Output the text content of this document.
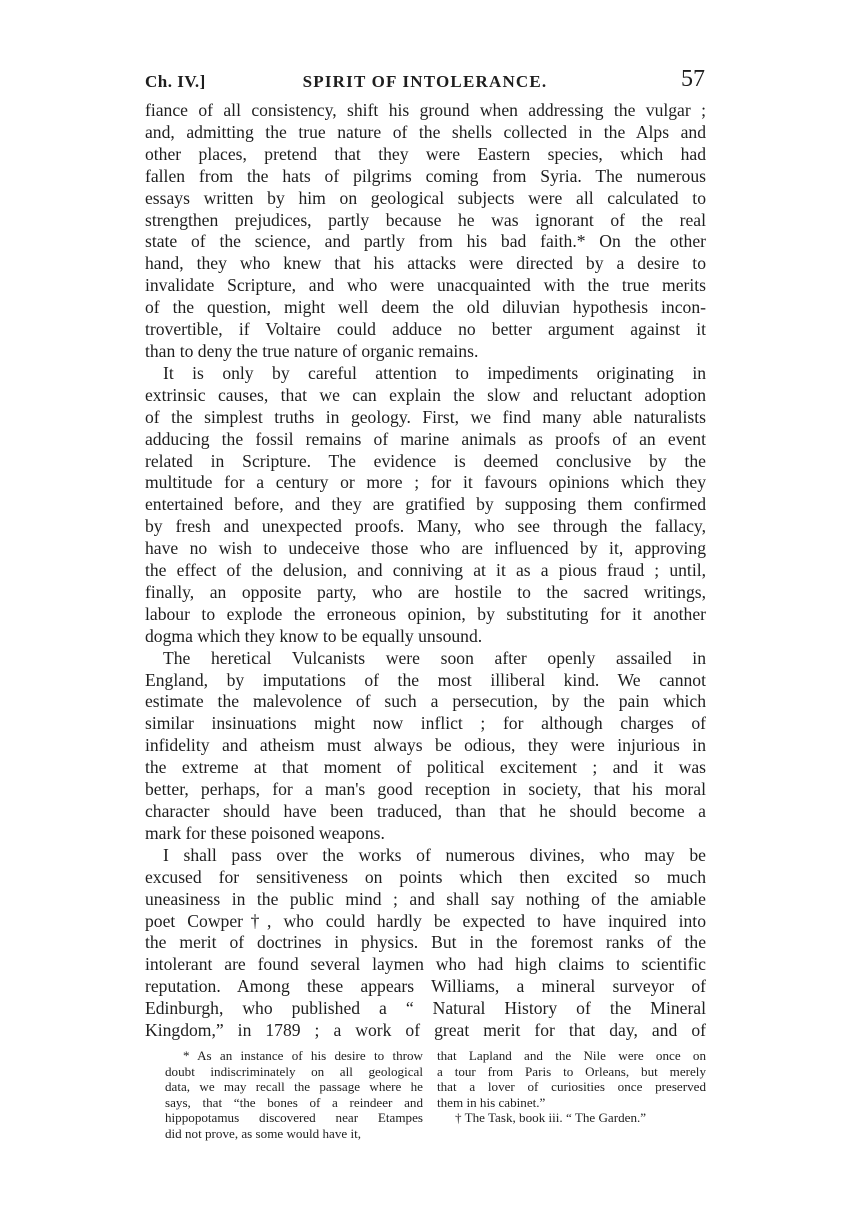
Ch. IV.]	SPIRIT OF INTOLERANCE.	57
fiance of all consistency, shift his ground when addressing the vulgar ;
and, admitting the true nature of the shells collected in the Alps and
other places, pretend that they were Eastern species, which had
fallen from the hats of pilgrims coming from Syria. The numerous
essays written by him on geological subjects were all calculated to
strengthen prejudices, partly because he was ignorant of the real
state of the science, and partly from his bad faith.* On the other
hand, they who knew that his attacks were directed by a desire to
invalidate Scripture, and who were unacquainted with the true merits
of the question, might well deem the old diluvian hypothesis incon-
trovertible, if Voltaire could adduce no better argument against it
than to deny the true nature of organic remains.
It is only by careful attention to impediments originating in
extrinsic causes, that we can explain the slow and reluctant adoption
of the simplest truths in geology. First, we find many able naturalists
adducing the fossil remains of marine animals as proofs of an event
related in Scripture. The evidence is deemed conclusive by the
multitude for a century or more ; for it favours opinions which they
entertained before, and they are gratified by supposing them confirmed
by fresh and unexpected proofs. Many, who see through the fallacy,
have no wish to undeceive those who are influenced by it, approving
the effect of the delusion, and conniving at it as a pious fraud ; until,
finally, an opposite party, who are hostile to the sacred writings,
labour to explode the erroneous opinion, by substituting for it another
dogma which they know to be equally unsound.
The heretical Vulcanists were soon after openly assailed in
England, by imputations of the most illiberal kind. We cannot
estimate the malevolence of such a persecution, by the pain which
similar insinuations might now inflict ; for although charges of
infidelity and atheism must always be odious, they were injurious in
the extreme at that moment of political excitement ; and it was
better, perhaps, for a man's good reception in society, that his moral
character should have been traduced, than that he should become a
mark for these poisoned weapons.
I shall pass over the works of numerous divines, who may be
excused for sensitiveness on points which then excited so much
uneasiness in the public mind ; and shall say nothing of the amiable
poet Cowper†, who could hardly be expected to have inquired into
the merit of doctrines in physics. But in the foremost ranks of the
intolerant are found several laymen who had high claims to scientific
reputation. Among these appears Williams, a mineral surveyor of
Edinburgh, who published a “ Natural History of the Mineral
Kingdom,” in 1789 ; a work of great merit for that day, and of
* As an instance of his desire to throw
doubt indiscriminately on all geological
data, we may recall the passage where he
says, that “the bones of a reindeer and
hippopotamus discovered near Etampes
did not prove, as some would have it,
that Lapland and the Nile were once on
a tour from Paris to Orleans, but merely
that a lover of curiosities once preserved
them in his cabinet.”
† The Task, book iii. “ The Garden.”
